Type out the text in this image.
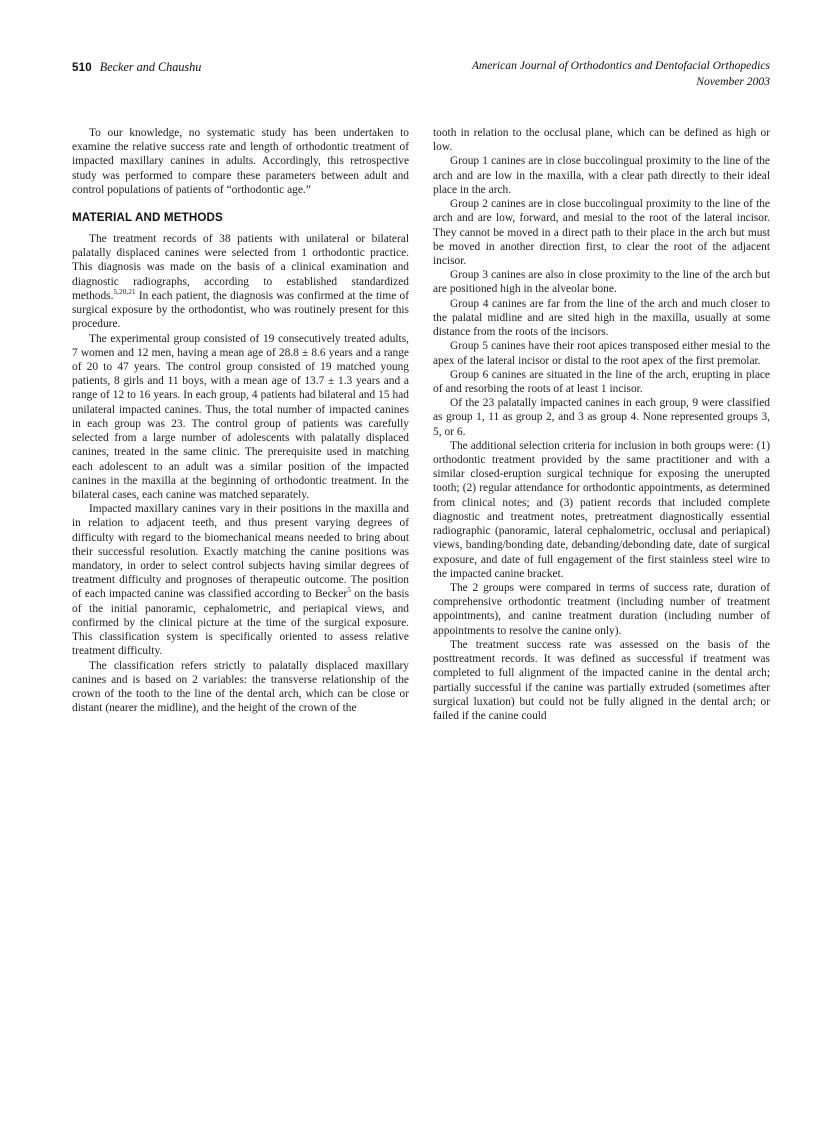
510 Becker and Chaushu	American Journal of Orthodontics and Dentofacial Orthopedics
November 2003

To our knowledge, no systematic study has been undertaken to examine the relative success rate and length of orthodontic treatment of impacted maxillary canines in adults. Accordingly, this retrospective study was performed to compare these parameters between adult and control populations of patients of “orthodontic age.”

MATERIAL AND METHODS

The treatment records of 38 patients with unilateral or bilateral palatally displaced canines were selected from 1 orthodontic practice. This diagnosis was made on the basis of a clinical examination and diagnostic radiographs, according to established standardized methods.$^{5,20,21}$ In each patient, the diagnosis was confirmed at the time of surgical exposure by the orthodontist, who was routinely present for this procedure.

The experimental group consisted of 19 consecutively treated adults, 7 women and 12 men, having a mean age of 28.8 ± 8.6 years and a range of 20 to 47 years. The control group consisted of 19 matched young patients, 8 girls and 11 boys, with a mean age of 13.7 ± 1.3 years and a range of 12 to 16 years. In each group, 4 patients had bilateral and 15 had unilateral impacted canines. Thus, the total number of impacted canines in each group was 23. The control group of patients was carefully selected from a large number of adolescents with palatally displaced canines, treated in the same clinic. The prerequisite used in matching each adolescent to an adult was a similar position of the impacted canines in the maxilla at the beginning of orthodontic treatment. In the bilateral cases, each canine was matched separately.

Impacted maxillary canines vary in their positions in the maxilla and in relation to adjacent teeth, and thus present varying degrees of difficulty with regard to the biomechanical means needed to bring about their successful resolution. Exactly matching the canine positions was mandatory, in order to select control subjects having similar degrees of treatment difficulty and prognoses of therapeutic outcome. The position of each impacted canine was classified according to Becker$^5$ on the basis of the initial panoramic, cephalometric, and periapical views, and confirmed by the clinical picture at the time of the surgical exposure. This classification system is specifically oriented to assess relative treatment difficulty.

The classification refers strictly to palatally displaced maxillary canines and is based on 2 variables: the transverse relationship of the crown of the tooth to the line of the dental arch, which can be close or distant (nearer the midline), and the height of the crown of the

tooth in relation to the occlusal plane, which can be defined as high or low.

Group 1 canines are in close buccolingual proximity to the line of the arch and are low in the maxilla, with a clear path directly to their ideal place in the arch.

Group 2 canines are in close buccolingual proximity to the line of the arch and are low, forward, and mesial to the root of the lateral incisor. They cannot be moved in a direct path to their place in the arch but must be moved in another direction first, to clear the root of the adjacent incisor.

Group 3 canines are also in close proximity to the line of the arch but are positioned high in the alveolar bone.

Group 4 canines are far from the line of the arch and much closer to the palatal midline and are sited high in the maxilla, usually at some distance from the roots of the incisors.

Group 5 canines have their root apices transposed either mesial to the apex of the lateral incisor or distal to the root apex of the first premolar.

Group 6 canines are situated in the line of the arch, erupting in place of and resorbing the roots of at least 1 incisor.

Of the 23 palatally impacted canines in each group, 9 were classified as group 1, 11 as group 2, and 3 as group 4. None represented groups 3, 5, or 6.

The additional selection criteria for inclusion in both groups were: (1) orthodontic treatment provided by the same practitioner and with a similar closed-eruption surgical technique for exposing the unerupted tooth; (2) regular attendance for orthodontic appointments, as determined from clinical notes; and (3) patient records that included complete diagnostic and treatment notes, pretreatment diagnostically essential radiographic (panoramic, lateral cephalometric, occlusal and periapical) views, banding/bonding date, debanding/debonding date, date of surgical exposure, and date of full engagement of the first stainless steel wire to the impacted canine bracket.

The 2 groups were compared in terms of success rate, duration of comprehensive orthodontic treatment (including number of treatment appointments), and canine treatment duration (including number of appointments to resolve the canine only).

The treatment success rate was assessed on the basis of the posttreatment records. It was defined as successful if treatment was completed to full alignment of the impacted canine in the dental arch; partially successful if the canine was partially extruded (sometimes after surgical luxation) but could not be fully aligned in the dental arch; or failed if the canine could
